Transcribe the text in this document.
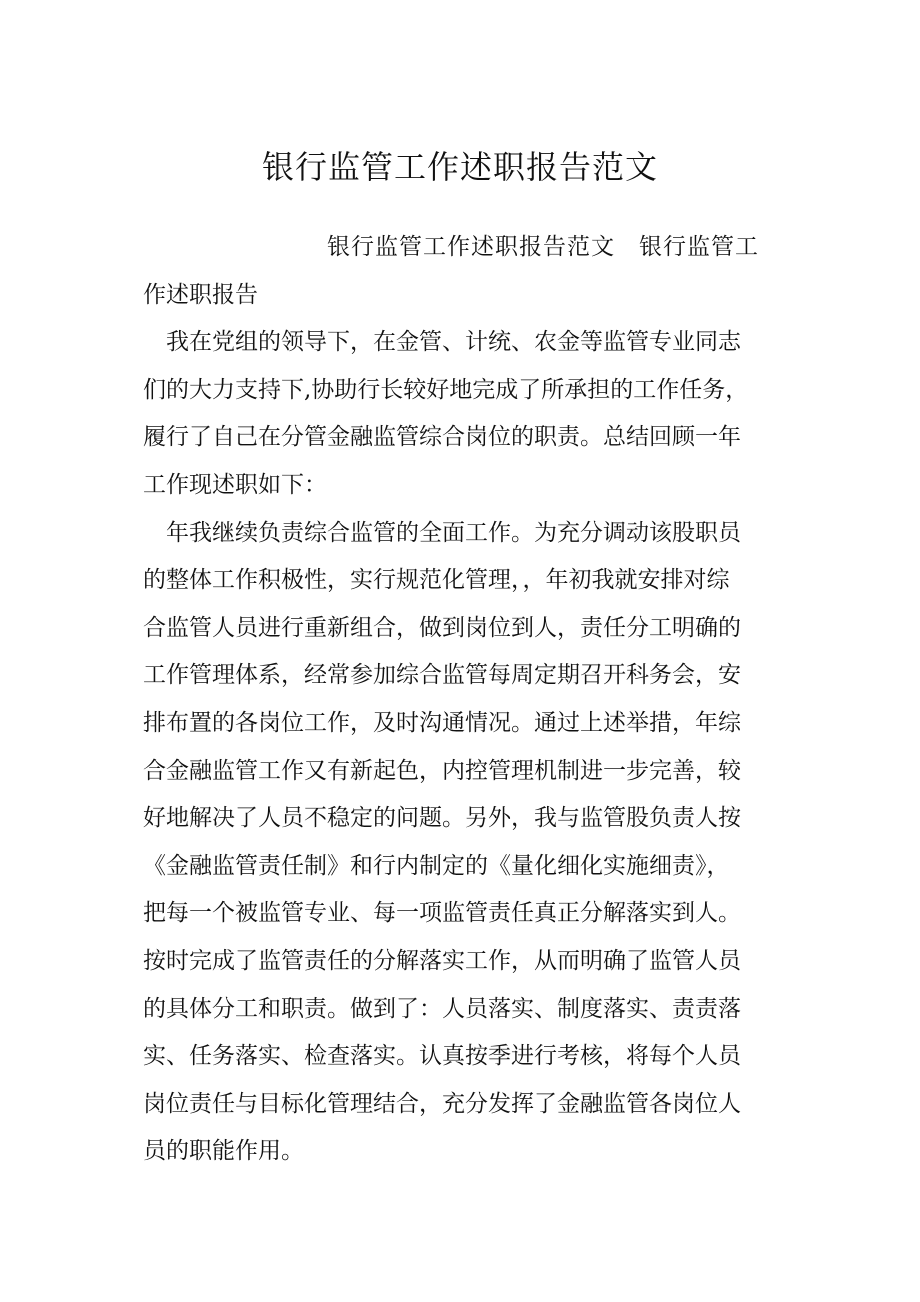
银行监管工作述职报告范文
银行监管工作述职报告范文　银行监管工
作述职报告
我在党组的领导下，在金管、计统、农金等监管专业同志
们的大力支持下,协助行长较好地完成了所承担的工作任务，
履行了自己在分管金融监管综合岗位的职责。总结回顾一年
工作现述职如下：
年我继续负责综合监管的全面工作。为充分调动该股职员
的整体工作积极性，实行规范化管理，，年初我就安排对综
合监管人员进行重新组合，做到岗位到人，责任分工明确的
工作管理体系，经常参加综合监管每周定期召开科务会，安
排布置的各岗位工作，及时沟通情况。通过上述举措，年综
合金融监管工作又有新起色，内控管理机制进一步完善，较
好地解决了人员不稳定的问题。另外，我与监管股负责人按
《金融监管责任制》和行内制定的《量化细化实施细责》，
把每一个被监管专业、每一项监管责任真正分解落实到人。
按时完成了监管责任的分解落实工作，从而明确了监管人员
的具体分工和职责。做到了：人员落实、制度落实、责责落
实、任务落实、检查落实。认真按季进行考核，将每个人员
岗位责任与目标化管理结合，充分发挥了金融监管各岗位人
员的职能作用。
